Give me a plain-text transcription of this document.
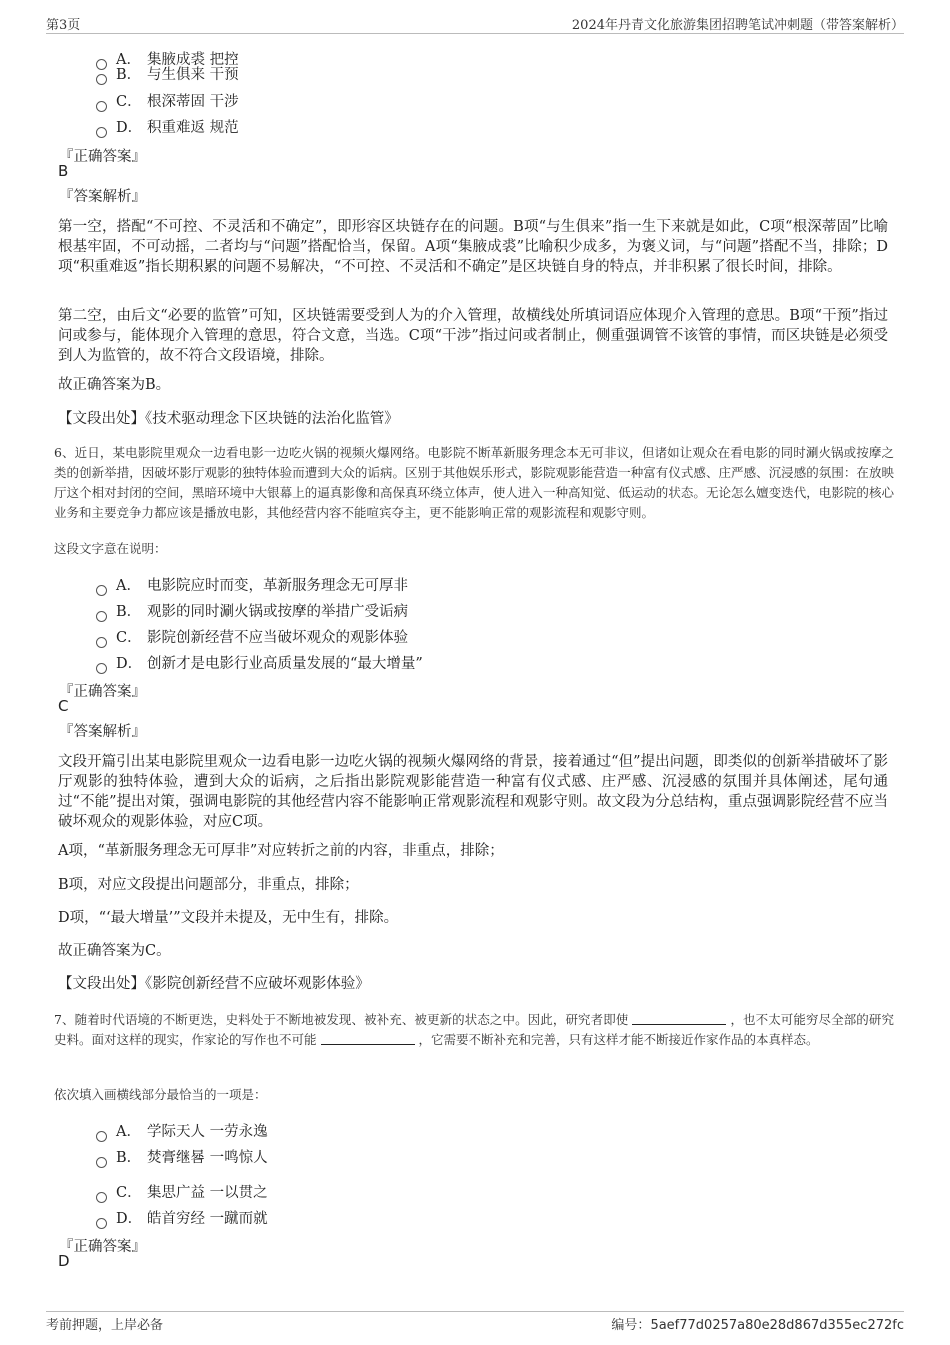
第3页	2024年丹青文化旅游集团招聘笔试冲刺题（带答案解析）
A． 集腋成裘 把控
B． 与生俱来 干预
C． 根深蒂固 干涉
D． 积重难返 规范
『正确答案』
B
『答案解析』
第一空，搭配“不可控、不灵活和不确定”，即形容区块链存在的问题。B项“与生俱来”指一生下来就是如此，C项“根深蒂固”比喻根基牢固，不可动摇，二者均与“问题”搭配恰当，保留。A项“集腋成裘”比喻积少成多，为褒义词，与“问题”搭配不当，排除；D项“积重难返”指长期积累的问题不易解决，“不可控、不灵活和不确定”是区块链自身的特点，并非积累了很长时间，排除。
第二空，由后文“必要的监管”可知，区块链需要受到人为的介入管理，故横线处所填词语应体现介入管理的意思。B项“干预”指过问或参与，能体现介入管理的意思，符合文意，当选。C项“干涉”指过问或者制止，侧重强调管不该管的事情，而区块链是必须受到人为监管的，故不符合文段语境，排除。
故正确答案为B。
【文段出处】《技术驱动理念下区块链的法治化监管》
6、近日，某电影院里观众一边看电影一边吃火锅的视频火爆网络。电影院不断革新服务理念本无可非议，但诸如让观众在看电影的同时涮火锅或按摩之类的创新举措，因破坏影厅观影的独特体验而遭到大众的诟病。区别于其他娱乐形式，影院观影能营造一种富有仪式感、庄严感、沉浸感的氛围：在放映厅这个相对封闭的空间，黑暗环境中大银幕上的逼真影像和高保真环绕立体声，使人进入一种高知觉、低运动的状态。无论怎么嬗变迭代，电影院的核心业务和主要竞争力都应该是播放电影，其他经营内容不能喧宾夺主，更不能影响正常的观影流程和观影守则。
这段文字意在说明：
A． 电影院应时而变，革新服务理念无可厚非
B． 观影的同时涮火锅或按摩的举措广受诟病
C． 影院创新经营不应当破坏观众的观影体验
D． 创新才是电影行业高质量发展的“最大增量”
『正确答案』
C
『答案解析』
文段开篇引出某电影院里观众一边看电影一边吃火锅的视频火爆网络的背景，接着通过“但”提出问题，即类似的创新举措破坏了影厅观影的独特体验，遭到大众的诟病，之后指出影院观影能营造一种富有仪式感、庄严感、沉浸感的氛围并具体阐述，尾句通过“不能”提出对策，强调电影院的其他经营内容不能影响正常观影流程和观影守则。故文段为分总结构，重点强调影院经营不应当破坏观众的观影体验，对应C项。
A项，“革新服务理念无可厚非”对应转折之前的内容，非重点，排除；
B项，对应文段提出问题部分，非重点，排除；
D项，“‘最大增量’”文段并未提及，无中生有，排除。
故正确答案为C。
【文段出处】《影院创新经营不应破坏观影体验》
7、随着时代语境的不断更迭，史料处于不断地被发现、被补充、被更新的状态之中。因此，研究者即使	，也不太可能穷尽全部的研究史料。面对这样的现实，作家论的写作也不可能	，它需要不断补充和完善，只有这样才能不断接近作家作品的本真样态。
依次填入画横线部分最恰当的一项是：
A． 学际天人 一劳永逸
B． 焚膏继晷 一鸣惊人
C． 集思广益 一以贯之
D． 皓首穷经 一蹴而就
『正确答案』
D
考前押题，上岸必备	编号：5aef77d0257a80e28d867d355ec272fc
